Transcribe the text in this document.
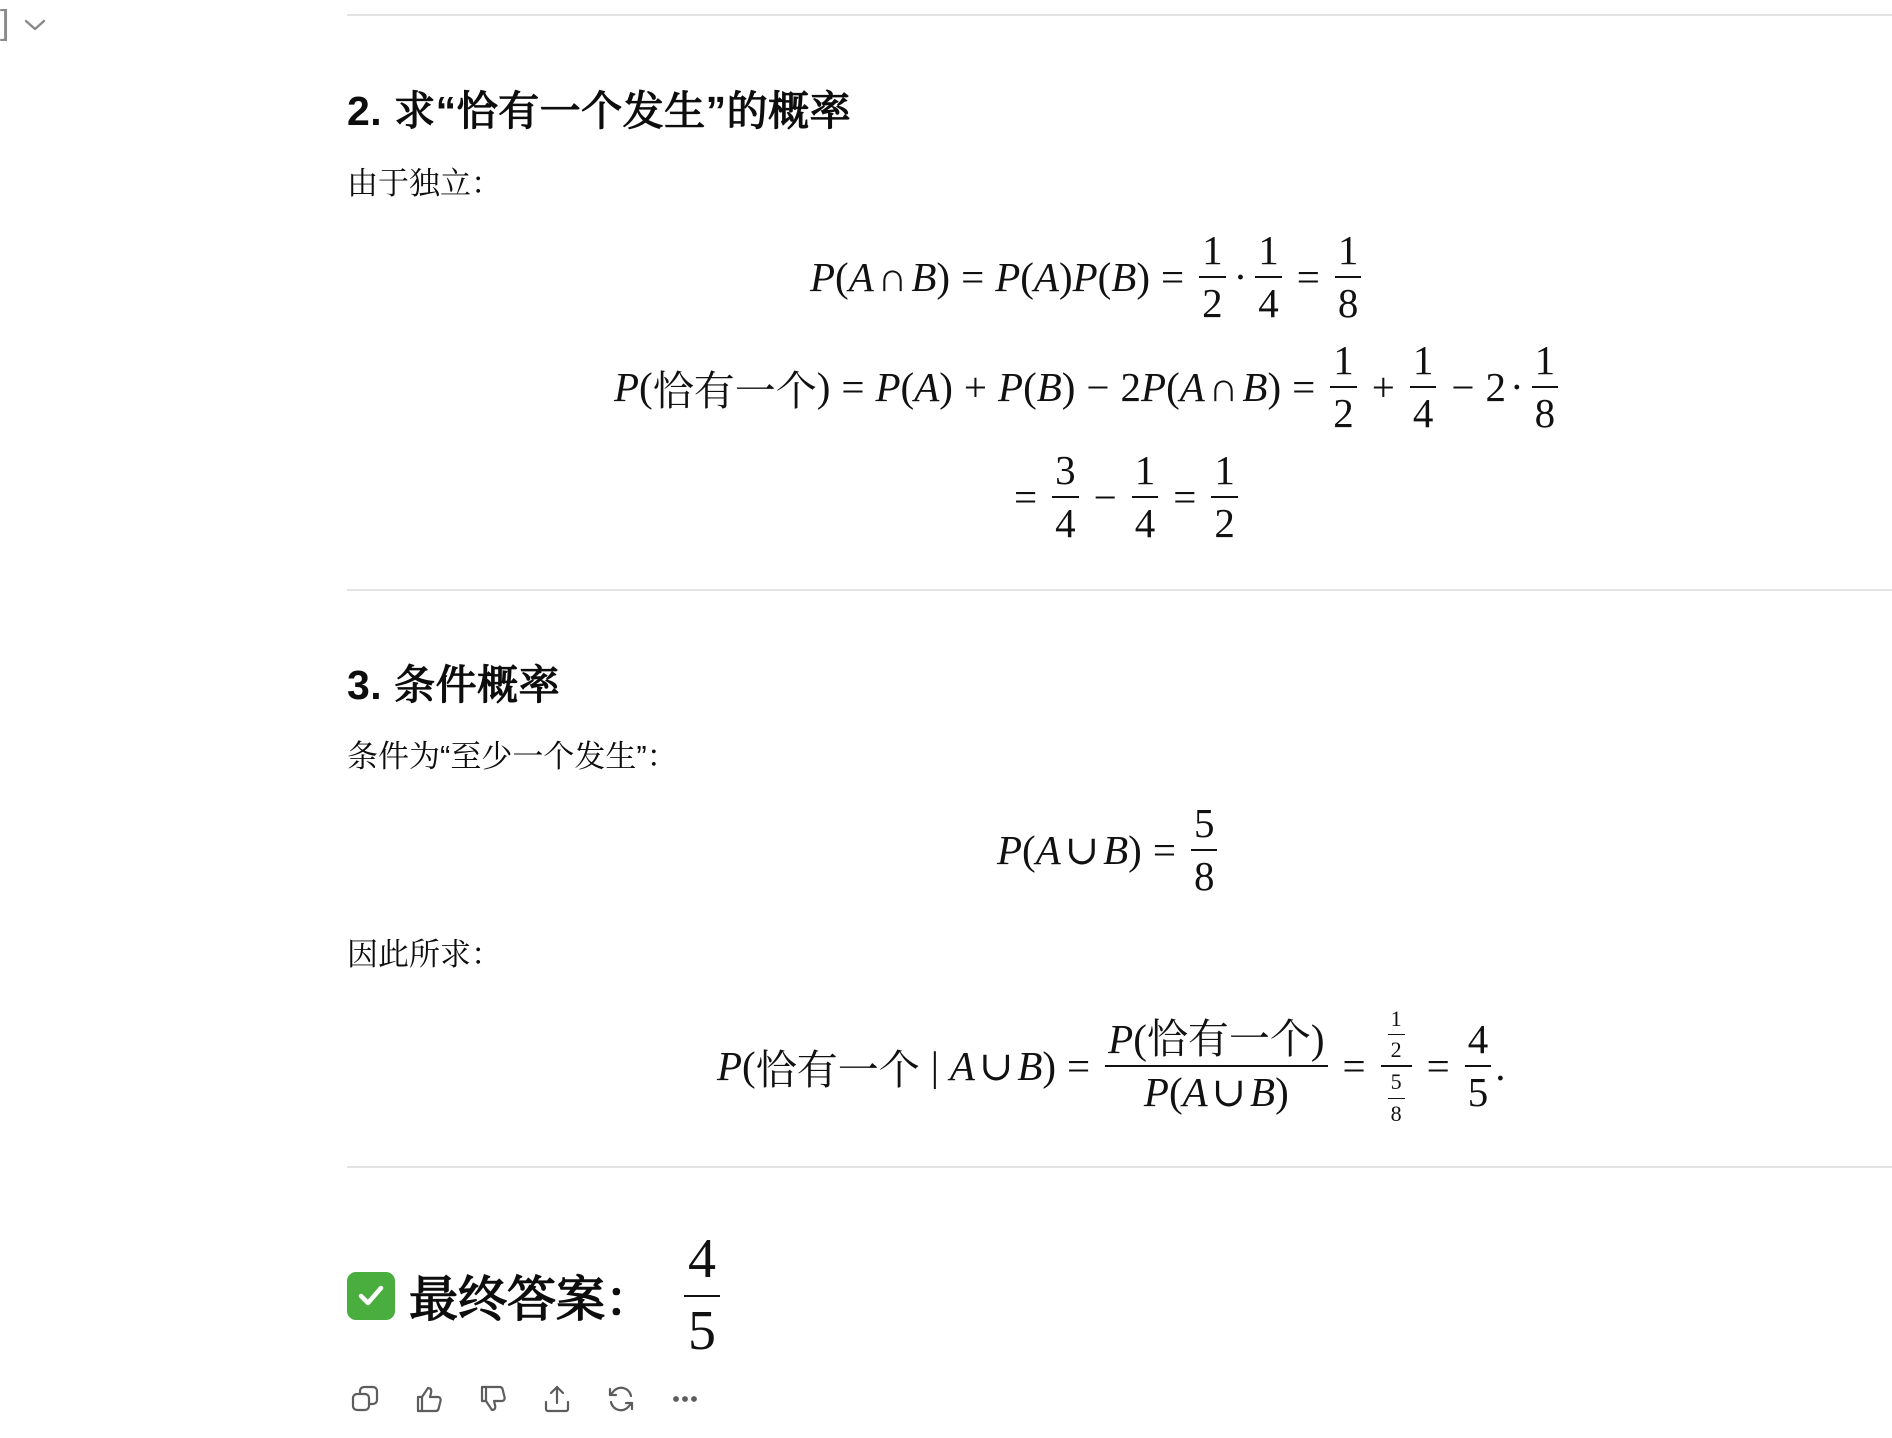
]
2. 求“恰有一个发生”的概率
由于独立：
P ( A ∩ B ) = P ( A ) P ( B ) = $\frac{1}{2} \cdot \frac{1}{4} = \frac{1}{8}$
P ( 恰有一个 ) = P ( A ) + P ( B ) − 2 P ( A ∩ B ) = $\frac{1}{2} + \frac{1}{4} - 2 \cdot \frac{1}{8}$
= $\frac{3}{4} - \frac{1}{4} = \frac{1}{2}$
3. 条件概率
条件为“至少一个发生”：
P ( A ∪ B ) = $\frac{5}{8}$
因此所求：
P ( 恰有一个 | A ∪ B ) = $\frac{\text{P(恰有一个)}}{P(A\cup B)} = \frac{\frac{1}{2}}{\frac{5}{8}} = \frac{4}{5}$ .
最终答案： $\frac{4}{5}$
